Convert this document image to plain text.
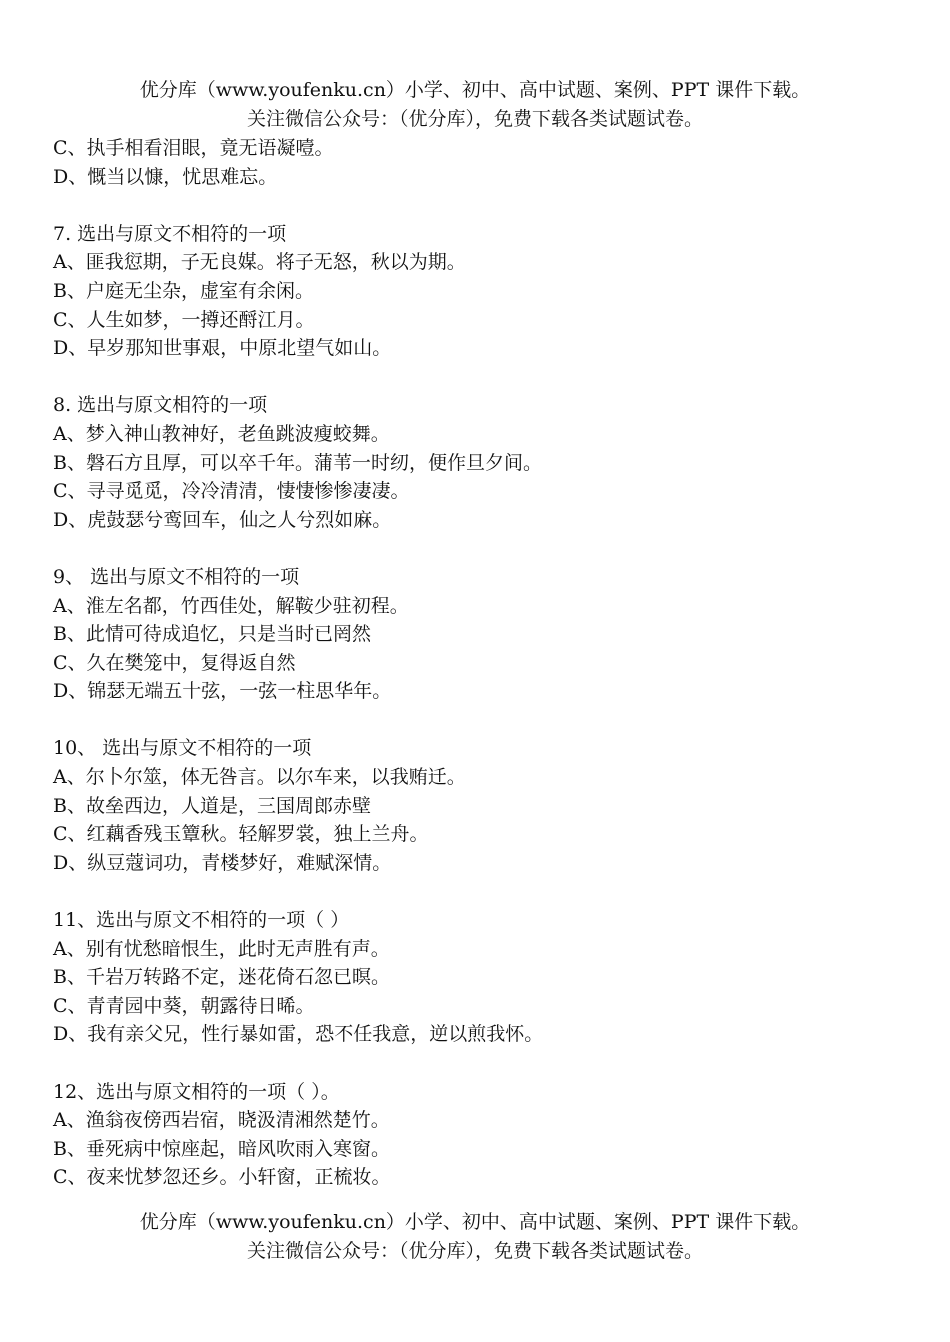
优分库（www.youfenku.cn）小学、初中、高中试题、案例、PPT 课件下载。
关注微信公众号：（优分库），免费下载各类试题试卷。
C、执手相看泪眼，竟无语凝噎。
D、慨当以慷，忧思难忘。
7. 选出与原文不相符的一项
A、匪我愆期，子无良媒。将子无怒，秋以为期。
B、户庭无尘杂，虚室有余闲。
C、人生如梦，一撙还酹江月。
D、早岁那知世事艰，中原北望气如山。
8. 选出与原文相符的一项
A、梦入神山教神好，老鱼跳波瘦蛟舞。
B、磐石方且厚，可以卒千年。蒲苇一时纫，便作旦夕间。
C、寻寻觅觅，冷冷清清，悽悽惨惨凄凄。
D、虎鼓瑟兮鸾回车，仙之人兮烈如麻。
9、 选出与原文不相符的一项
A、淮左名都，竹西佳处，解鞍少驻初程。
B、此情可待成追忆，只是当时已罔然
C、久在樊笼中，复得返自然
D、锦瑟无端五十弦，一弦一柱思华年。
10、 选出与原文不相符的一项
A、尔卜尔筮，体无咎言。以尔车来，以我贿迁。
B、故垒西边，人道是，三国周郎赤壁
C、红藕香残玉簟秋。轻解罗裳，独上兰舟。
D、纵豆蔻词功，青楼梦好，难赋深情。
11、选出与原文不相符的一项（ ）
A、别有忧愁暗恨生，此时无声胜有声。
B、千岩万转路不定，迷花倚石忽已暝。
C、青青园中葵，朝露待日晞。
D、我有亲父兄，性行暴如雷，恐不任我意，逆以煎我怀。
12、选出与原文相符的一项（ ）。
A、渔翁夜傍西岩宿，晓汲清湘然楚竹。
B、垂死病中惊座起，暗风吹雨入寒窗。
C、夜来忧梦忽还乡。小轩窗，正梳妆。
优分库（www.youfenku.cn）小学、初中、高中试题、案例、PPT 课件下载。
关注微信公众号：（优分库），免费下载各类试题试卷。
